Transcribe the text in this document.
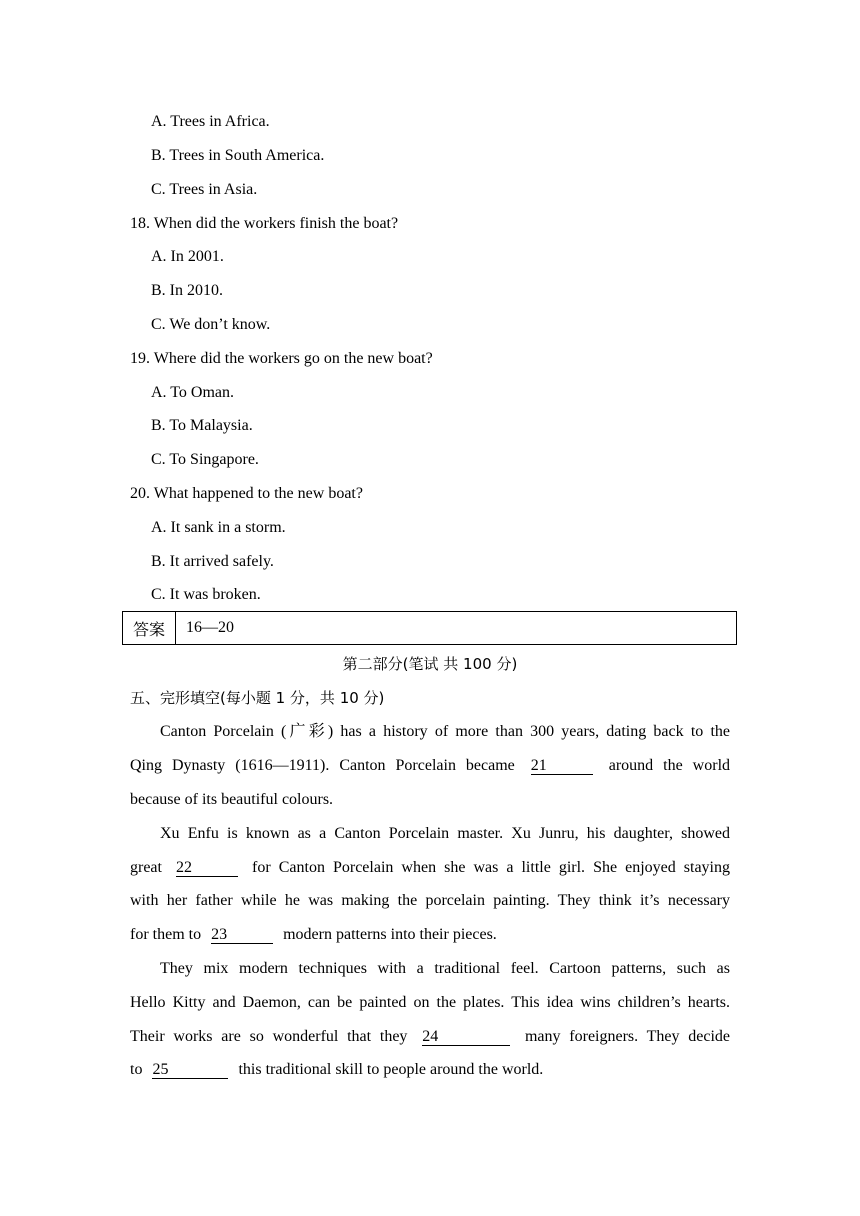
A. Trees in Africa.
B. Trees in South America.
C. Trees in Asia.
18. When did the workers finish the boat?
A. In 2001.
B. In 2010.
C. We don’t know.
19. Where did the workers go on the new boat?
A. To Oman.
B. To Malaysia.
C. To Singapore.
20. What happened to the new boat?
A. It sank in a storm.
B. It arrived safely.
C. It was broken.
答案	16—20
第二部分(笔试 共 100 分)
五、完形填空(每小题 1 分，共 10 分)
Canton Porcelain (广彩) has a history of more than 300 years, dating back to the
Qing Dynasty (1616—1911). Canton Porcelain became 21	around the world
because of its beautiful colours.
Xu Enfu is known as a Canton Porcelain master. Xu Junru, his daughter, showed
great 22	for Canton Porcelain when she was a little girl. She enjoyed staying
with her father while he was making the porcelain painting. They think it’s necessary
for them to 23	modern patterns into their pieces.
They mix modern techniques with a traditional feel. Cartoon patterns, such as
Hello Kitty and Daemon, can be painted on the plates. This idea wins children’s hearts.
Their works are so wonderful that they 24	many foreigners. They decide
to 25	this traditional skill to people around the world.
